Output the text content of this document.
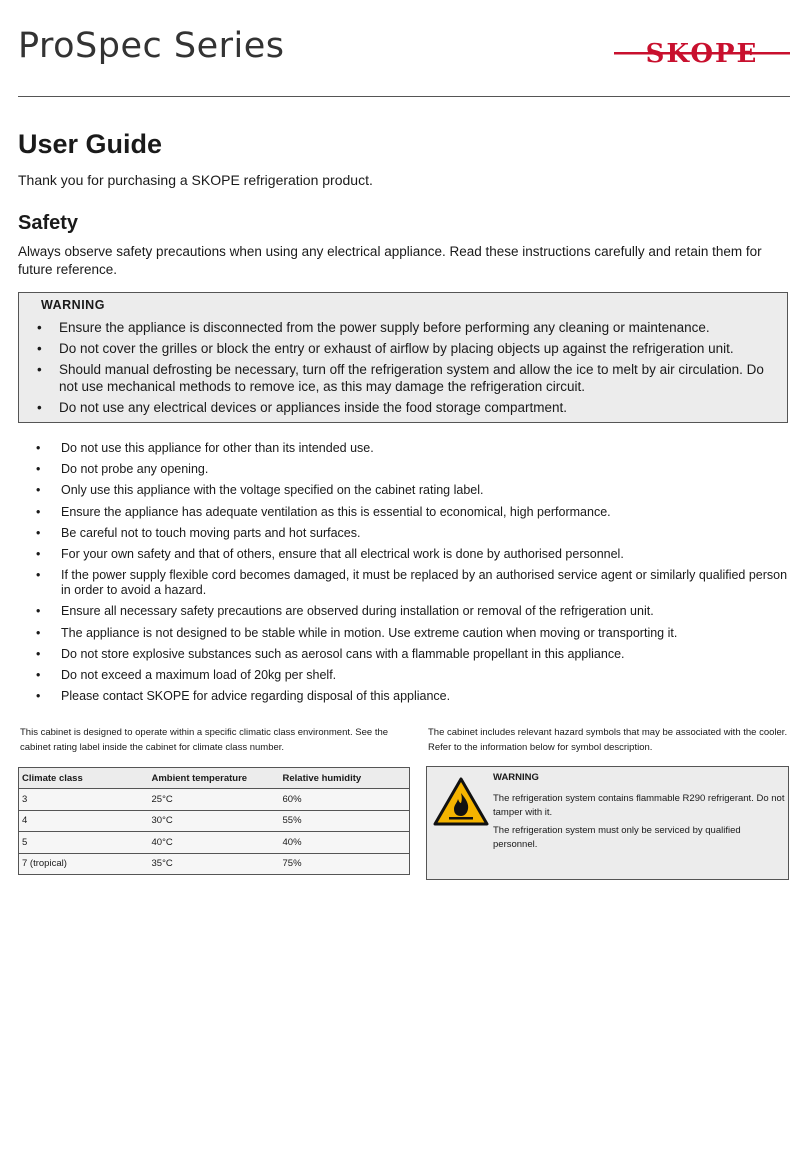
ProSpec Series	SKOPE
User Guide
Thank you for purchasing a SKOPE refrigeration product.
Safety
Always observe safety precautions when using any electrical appliance. Read these instructions carefully and retain them for future reference.
WARNING
• Ensure the appliance is disconnected from the power supply before performing any cleaning or maintenance.
• Do not cover the grilles or block the entry or exhaust of airflow by placing objects up against the refrigeration unit.
• Should manual defrosting be necessary, turn off the refrigeration system and allow the ice to melt by air circulation. Do not use mechanical methods to remove ice, as this may damage the refrigeration circuit.
• Do not use any electrical devices or appliances inside the food storage compartment.
• Do not use this appliance for other than its intended use.
• Do not probe any opening.
• Only use this appliance with the voltage specified on the cabinet rating label.
• Ensure the appliance has adequate ventilation as this is essential to economical, high performance.
• Be careful not to touch moving parts and hot surfaces.
• For your own safety and that of others, ensure that all electrical work is done by authorised personnel.
• If the power supply flexible cord becomes damaged, it must be replaced by an authorised service agent or similarly qualified person in order to avoid a hazard.
• Ensure all necessary safety precautions are observed during installation or removal of the refrigeration unit.
• The appliance is not designed to be stable while in motion. Use extreme caution when moving or transporting it.
• Do not store explosive substances such as aerosol cans with a flammable propellant in this appliance.
• Do not exceed a maximum load of 20kg per shelf.
• Please contact SKOPE for advice regarding disposal of this appliance.
This cabinet is designed to operate within a specific climatic class environment. See the cabinet rating label inside the cabinet for climate class number.
The cabinet includes relevant hazard symbols that may be associated with the cooler. Refer to the information below for symbol description.
Climate class	Ambient temperature	Relative humidity
3	25°C	60%
4	30°C	55%
5	40°C	40%
7 (tropical)	35°C	75%
WARNING
The refrigeration system contains flammable R290 refrigerant. Do not tamper with it.
The refrigeration system must only be serviced by qualified personnel.
